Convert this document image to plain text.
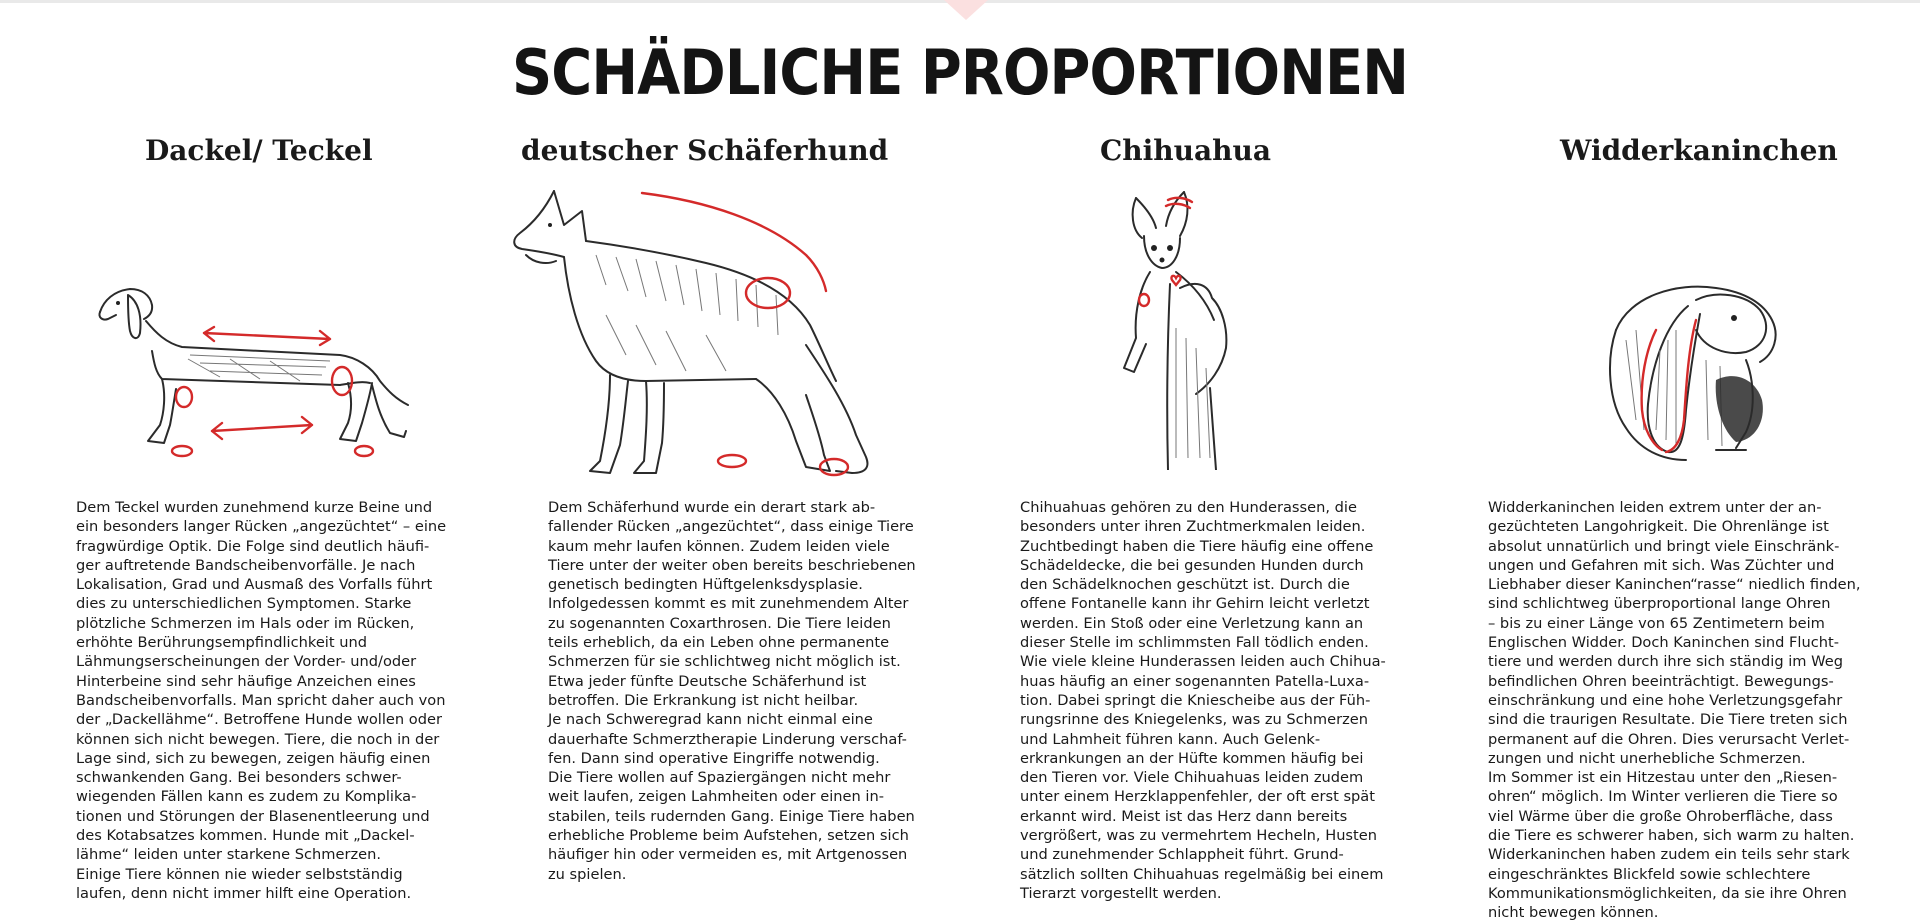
SCHÄDLICHE PROPORTIONEN
Dackel/ Teckel

Dem Teckel wurden zunehmend kurze Beine und
ein besonders langer Rücken „angezüchtet“ – eine
fragwürdige Optik. Die Folge sind deutlich häufi-
ger auftretende Bandscheibenvorfälle. Je nach
Lokalisation, Grad und Ausmaß des Vorfalls führt
dies zu unterschiedlichen Symptomen. Starke
plötzliche Schmerzen im Hals oder im Rücken,
erhöhte Berührungsempfindlichkeit und
Lähmungserscheinungen der Vorder- und/oder
Hinterbeine sind sehr häufige Anzeichen eines
Bandscheibenvorfalls. Man spricht daher auch von
der „Dackellähme“. Betroffene Hunde wollen oder
können sich nicht bewegen. Tiere, die noch in der
Lage sind, sich zu bewegen, zeigen häufig einen
schwankenden Gang. Bei besonders schwer-
wiegenden Fällen kann es zudem zu Komplika-
tionen und Störungen der Blasenentleerung und
des Kotabsatzes kommen. Hunde mit „Dackel-
lähme“ leiden unter starkene Schmerzen.
Einige Tiere können nie wieder selbstständig
laufen, denn nicht immer hilft eine Operation.

deutscher Schäferhund

Dem Schäferhund wurde ein derart stark ab-
fallender Rücken „angezüchtet“, dass einige Tiere
kaum mehr laufen können. Zudem leiden viele
Tiere unter der weiter oben bereits beschriebenen
genetisch bedingten Hüftgelenksdysplasie.
Infolgedessen kommt es mit zunehmendem Alter
zu sogenannten Coxarthrosen. Die Tiere leiden
teils erheblich, da ein Leben ohne permanente
Schmerzen für sie schlichtweg nicht möglich ist.
Etwa jeder fünfte Deutsche Schäferhund ist
betroffen. Die Erkrankung ist nicht heilbar.
Je nach Schweregrad kann nicht einmal eine
dauerhafte Schmerztherapie Linderung verschaf-
fen. Dann sind operative Eingriffe notwendig.
Die Tiere wollen auf Spaziergängen nicht mehr
weit laufen, zeigen Lahmheiten oder einen in-
stabilen, teils rudernden Gang. Einige Tiere haben
erhebliche Probleme beim Aufstehen, setzen sich
häufiger hin oder vermeiden es, mit Artgenossen
zu spielen.

Chihuahua

Chihuahuas gehören zu den Hunderassen, die
besonders unter ihren Zuchtmerkmalen leiden.
Zuchtbedingt haben die Tiere häufig eine offene
Schädeldecke, die bei gesunden Hunden durch
den Schädelknochen geschützt ist. Durch die
offene Fontanelle kann ihr Gehirn leicht verletzt
werden. Ein Stoß oder eine Verletzung kann an
dieser Stelle im schlimmsten Fall tödlich enden.
Wie viele kleine Hunderassen leiden auch Chihua-
huas häufig an einer sogenannten Patella-Luxa-
tion. Dabei springt die Kniescheibe aus der Füh-
rungsrinne des Kniegelenks, was zu Schmerzen
und Lahmheit führen kann. Auch Gelenk-
erkrankungen an der Hüfte kommen häufig bei
den Tieren vor. Viele Chihuahuas leiden zudem
unter einem Herzklappenfehler, der oft erst spät
erkannt wird. Meist ist das Herz dann bereits
vergrößert, was zu vermehrtem Hecheln, Husten
und zunehmender Schlappheit führt. Grund-
sätzlich sollten Chihuahuas regelmäßig bei einem
Tierarzt vorgestellt werden.

Widderkaninchen

Widderkaninchen leiden extrem unter der an-
gezüchteten Langohrigkeit. Die Ohrenlänge ist
absolut unnatürlich und bringt viele Einschränk-
ungen und Gefahren mit sich. Was Züchter und
Liebhaber dieser Kaninchen“rasse“ niedlich finden,
sind schlichtweg überproportional lange Ohren
– bis zu einer Länge von 65 Zentimetern beim
Englischen Widder. Doch Kaninchen sind Flucht-
tiere und werden durch ihre sich ständig im Weg
befindlichen Ohren beeinträchtigt. Bewegungs-
einschränkung und eine hohe Verletzungsgefahr
sind die traurigen Resultate. Die Tiere treten sich
permanent auf die Ohren. Dies verursacht Verlet-
zungen und nicht unerhebliche Schmerzen.
Im Sommer ist ein Hitzestau unter den „Riesen-
ohren“ möglich. Im Winter verlieren die Tiere so
viel Wärme über die große Ohroberfläche, dass
die Tiere es schwerer haben, sich warm zu halten.
Widerkaninchen haben zudem ein teils sehr stark
eingeschränktes Blickfeld sowie schlechtere
Kommunikationsmöglichkeiten, da sie ihre Ohren
nicht bewegen können.
